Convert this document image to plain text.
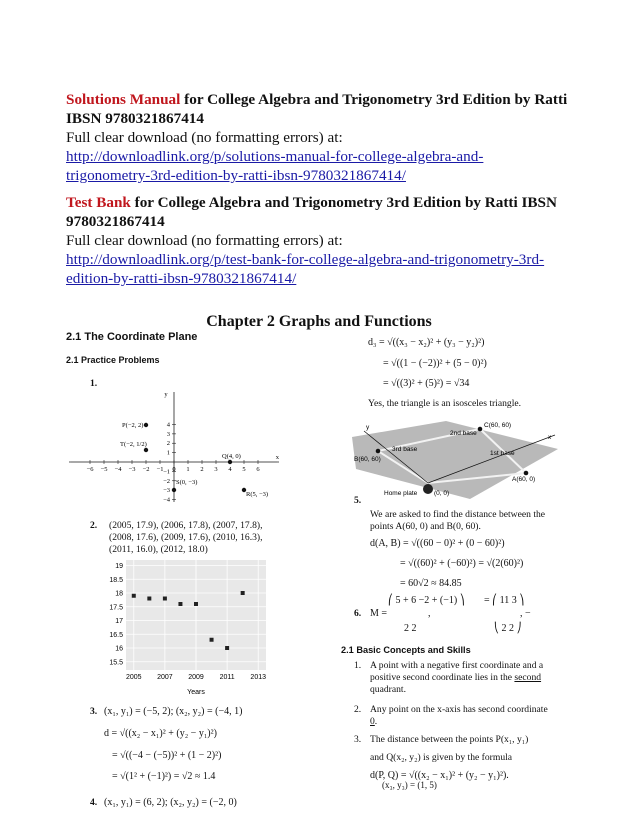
Solutions Manual for College Algebra and Trigonometry 3rd Edition by Ratti IBSN 9780321867414
Full clear download (no formatting errors) at:
http://downloadlink.org/p/solutions-manual-for-college-algebra-and-
trigonometry-3rd-edition-by-ratti-ibsn-9780321867414/
Test Bank for College Algebra and Trigonometry 3rd Edition by Ratti IBSN 9780321867414
Full clear download (no formatting errors) at:
http://downloadlink.org/p/test-bank-for-college-algebra-and-trigonometry-3rd-
edition-by-ratti-ibsn-9780321867414/
Chapter 2 Graphs and Functions
2.1 The Coordinate Plane
2.1 Practice Problems
1.
−6 −5 −4 −3 −2 −1 0 1 2 3 4 5 6
4
3
2
1
−1
−2
−3
−4
x
y
P(−2, 2)
T(−2, 1/2)
Q(4, 0)
S(0, −3)
R(5, −3)
2. (2005, 17.9), (2006, 17.8), (2007, 17.8),
(2008, 17.6), (2009, 17.6), (2010, 16.3),
(2011, 16.0), (2012, 18.0)
19
18.5
18
17.5
17
16.5
16
15.5
2005 2007 2009 2011 2013
Years
3. (x₁, y₁) = (−5, 2); (x₂, y₂) = (−4, 1)
d = √((x₂ − x₁)² + (y₂ − y₁)²)
= √((−4 − (−5))² + (1 − 2)²)
= √(1² + (−1)²) = √2 ≈ 1.4
4. (x₁, y₁) = (6, 2); (x₂, y₂) = (−2, 0)
d₃ = √((x₃ − x₂)² + (y₃ − y₂)²)
= √((1 − (−2))² + (5 − 0)²)
= √((3)² + (5)²) = √34
Yes, the triangle is an isosceles triangle.
C(60, 60)
2nd base
B(60, 60)
3rd base
1st base
A(60, 0)
Home plate	(0, 0)
x
y
5.
We are asked to find the distance between the
points A(60, 0) and B(0, 60).
d(A, B) = √((60 − 0)² + (0 − 60)²)
= √((60)² + (−60)²) = √(2(60)²)
= 60√2 ≈ 84.85
6. M =
⎛ 5 + 6 −2 + (−1) ⎞
,
2 2
= ⎛ 11 3 ⎞
, −
⎝ 2 2 ⎠
2.1 Basic Concepts and Skills
1. A point with a negative first coordinate and a positive second coordinate lies in the second quadrant.
2. Any point on the x-axis has second coordinate
0.
3. The distance between the points P(x₁, y₁)
and Q(x₂, y₂) is given by the formula
d(P, Q) = √((x₂ − x₁)² + (y₂ − y₁)²).
(x₃, y₃) = (1, 5)
